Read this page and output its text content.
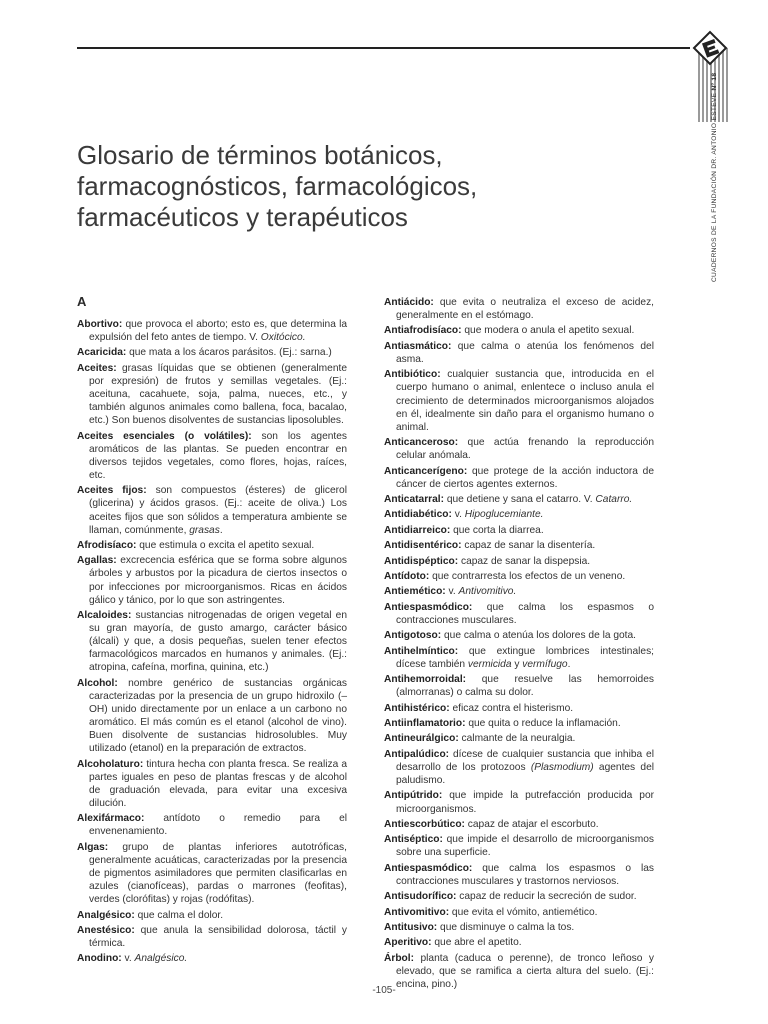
CUADERNOS DE LA FUNDACIÓN DR. ANTONIO ESTEVE Nº 18
Glosario de términos botánicos,
farmacognósticos, farmacológicos,
farmacéuticos y terapéuticos
A

Abortivo: que provoca el aborto; esto es, que determina la expulsión del feto antes de tiempo. V. Oxitócico.

Acaricida: que mata a los ácaros parásitos. (Ej.: sarna.)

Aceites: grasas líquidas que se obtienen (generalmente por expresión) de frutos y semillas vegetales. (Ej.: aceituna, cacahuete, soja, palma, nueces, etc., y también algunos animales como ballena, foca, bacalao, etc.) Son buenos disolventes de sustancias liposolubles.

Aceites esenciales (o volátiles): son los agentes aromáticos de las plantas. Se pueden encontrar en diversos tejidos vegetales, como flores, hojas, raíces, etc.

Aceites fijos: son compuestos (ésteres) de glicerol (glicerina) y ácidos grasos. (Ej.: aceite de oliva.) Los aceites fijos que son sólidos a temperatura ambiente se llaman, comúnmente, grasas.

Afrodisíaco: que estimula o excita el apetito sexual.

Agallas: excrecencia esférica que se forma sobre algunos árboles y arbustos por la picadura de ciertos insectos o por infecciones por microorganismos. Ricas en ácidos gálico y tánico, por lo que son astringentes.

Alcaloides: sustancias nitrogenadas de origen vegetal en su gran mayoría, de gusto amargo, carácter básico (álcali) y que, a dosis pequeñas, suelen tener efectos farmacológicos marcados en humanos y animales. (Ej.: atropina, cafeína, morfina, quinina, etc.)

Alcohol: nombre genérico de sustancias orgánicas caracterizadas por la presencia de un grupo hidroxilo (–OH) unido directamente por un enlace a un carbono no aromático. El más común es el etanol (alcohol de vino). Buen disolvente de sustancias hidrosolubles. Muy utilizado (etanol) en la preparación de extractos.

Alcoholaturo: tintura hecha con planta fresca. Se realiza a partes iguales en peso de plantas frescas y de alcohol de graduación elevada, para evitar una excesiva dilución.

Alexifármaco: antídoto o remedio para el envenenamiento.

Algas: grupo de plantas inferiores autotróficas, generalmente acuáticas, caracterizadas por la presencia de pigmentos asimiladores que permiten clasificarlas en azules (cianofíceas), pardas o marrones (feofitas), verdes (clorófitas) y rojas (rodófitas).

Analgésico: que calma el dolor.

Anestésico: que anula la sensibilidad dolorosa, táctil y térmica.

Anodino: v. Analgésico.

Antiácido: que evita o neutraliza el exceso de acidez, generalmente en el estómago.

Antiafrodisíaco: que modera o anula el apetito sexual.

Antiasmático: que calma o atenúa los fenómenos del asma.

Antibiótico: cualquier sustancia que, introducida en el cuerpo humano o animal, enlentece o incluso anula el crecimiento de determinados microorganismos alojados en él, idealmente sin daño para el organismo humano o animal.

Anticanceroso: que actúa frenando la reproducción celular anómala.

Anticancerígeno: que protege de la acción inductora de cáncer de ciertos agentes externos.

Anticatarral: que detiene y sana el catarro. V. Catarro.

Antidiabético: v. Hipoglucemiante.

Antidiarreico: que corta la diarrea.

Antidisentérico: capaz de sanar la disentería.

Antidispéptico: capaz de sanar la dispepsia.

Antídoto: que contrarresta los efectos de un veneno.

Antiemético: v. Antivomitivo.

Antiespasmódico: que calma los espasmos o contracciones musculares.

Antigotoso: que calma o atenúa los dolores de la gota.

Antihelmíntico: que extingue lombrices intestinales; dícese también vermicida y vermífugo.

Antihemorroidal: que resuelve las hemorroides (almorranas) o calma su dolor.

Antihistérico: eficaz contra el histerismo.

Antiinflamatorio: que quita o reduce la inflamación.

Antineurálgico: calmante de la neuralgia.

Antipalúdico: dícese de cualquier sustancia que inhiba el desarrollo de los protozoos (Plasmodium) agentes del paludismo.

Antipútrido: que impide la putrefacción producida por microorganismos.

Antiescorbútico: capaz de atajar el escorbuto.

Antiséptico: que impide el desarrollo de microorganismos sobre una superficie.

Antiespasmódico: que calma los espasmos o las contracciones musculares y trastornos nerviosos.

Antisudorífico: capaz de reducir la secreción de sudor.

Antivomitivo: que evita el vómito, antiemético.

Antitusivo: que disminuye o calma la tos.

Aperitivo: que abre el apetito.

Árbol: planta (caduca o perenne), de tronco leñoso y elevado, que se ramifica a cierta altura del suelo. (Ej.: encina, pino.)

-105-
